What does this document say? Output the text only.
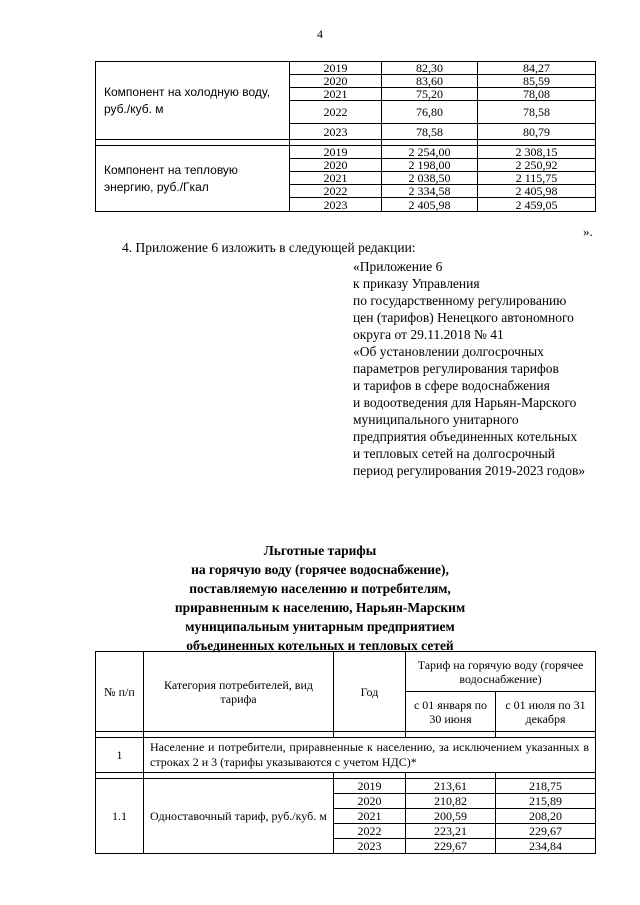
4
Компонент на холодную воду, руб./куб. м	2019	82,30	84,27
	2020	83,60	85,59
	2021	75,20	78,08
	2022	76,80	78,58
	2023	78,58	80,79

Компонент на тепловую энергию, руб./Гкал	2019	2 254,00	2 308,15
	2020	2 198,00	2 250,92
	2021	2 038,50	2 115,75
	2022	2 334,58	2 405,98
	2023	2 405,98	2 459,05
».
4. Приложение 6 изложить в следующей редакции:
«Приложение 6
к приказу Управления
по государственному регулированию
цен (тарифов) Ненецкого автономного
округа от 29.11.2018 № 41
«Об установлении долгосрочных
параметров регулирования тарифов
и тарифов в сфере водоснабжения
и водоотведения для Нарьян-Марского
муниципального унитарного
предприятия объединенных котельных
и тепловых сетей на долгосрочный
период регулирования 2019-2023 годов»
Льготные тарифы
на горячую воду (горячее водоснабжение),
поставляемую населению и потребителям,
приравненным к населению, Нарьян-Марским
муниципальным унитарным предприятием
объединенных котельных и тепловых сетей
№ п/п	Категория потребителей, вид тарифа	Год	Тариф на горячую воду (горячее водоснабжение)	
			с 01 января по 30 июня	с 01 июля по 31 декабря

1	Население и потребители, приравненные к населению, за исключением указанных в строках 2 и 3 (тарифы указываются с учетом НДС)*			

1.1	Одноставочный тариф, руб./куб. м	2019	213,61	218,75
		2020	210,82	215,89
		2021	200,59	208,20
		2022	223,21	229,67
		2023	229,67	234,84
